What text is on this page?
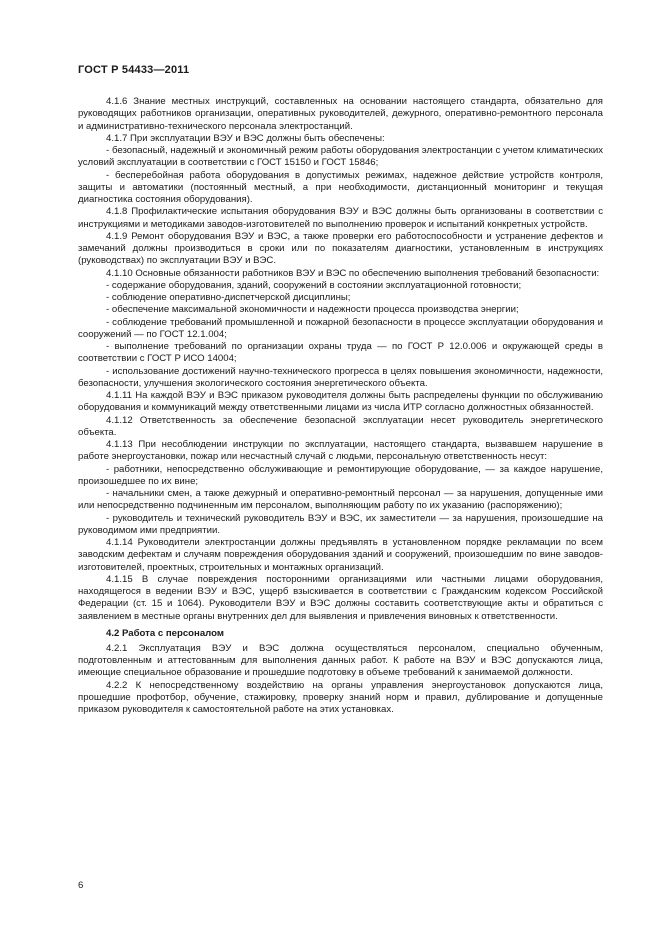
ГОСТ Р 54433—2011

4.1.6 Знание местных инструкций, составленных на основании настоящего стандарта, обязательно для руководящих работников организации, оперативных руководителей, дежурного, оперативно-ремонтного персонала и административно-технического персонала электростанций.

4.1.7 При эксплуатации ВЭУ и ВЭС должны быть обеспечены:

- безопасный, надежный и экономичный режим работы оборудования электростанции с учетом климатических условий эксплуатации в соответствии с ГОСТ 15150 и ГОСТ 15846;

- бесперебойная работа оборудования в допустимых режимах, надежное действие устройств контроля, защиты и автоматики (постоянный местный, а при необходимости, дистанционный мониторинг и текущая диагностика состояния оборудования).

4.1.8 Профилактические испытания оборудования ВЭУ и ВЭС должны быть организованы в соответствии с инструкциями и методиками заводов-изготовителей по выполнению проверок и испытаний конкретных устройств.

4.1.9 Ремонт оборудования ВЭУ и ВЭС, а также проверки его работоспособности и устранение дефектов и замечаний должны производиться в сроки или по показателям диагностики, установленным в инструкциях (руководствах) по эксплуатации ВЭУ и ВЭС.

4.1.10 Основные обязанности работников ВЭУ и ВЭС по обеспечению выполнения требований безопасности:

- содержание оборудования, зданий, сооружений в состоянии эксплуатационной готовности;

- соблюдение оперативно-диспетчерской дисциплины;

- обеспечение максимальной экономичности и надежности процесса производства энергии;

- соблюдение требований промышленной и пожарной безопасности в процессе эксплуатации оборудования и сооружений — по ГОСТ 12.1.004;

- выполнение требований по организации охраны труда — по ГОСТ Р 12.0.006 и окружающей среды в соответствии с ГОСТ Р ИСО 14004;

- использование достижений научно-технического прогресса в целях повышения экономичности, надежности, безопасности, улучшения экологического состояния энергетического объекта.

4.1.11 На каждой ВЭУ и ВЭС приказом руководителя должны быть распределены функции по обслуживанию оборудования и коммуникаций между ответственными лицами из числа ИТР согласно должностных обязанностей.

4.1.12 Ответственность за обеспечение безопасной эксплуатации несет руководитель энергетического объекта.

4.1.13 При несоблюдении инструкции по эксплуатации, настоящего стандарта, вызвавшем нарушение в работе энергоустановки, пожар или несчастный случай с людьми, персональную ответственность несут:

- работники, непосредственно обслуживающие и ремонтирующие оборудование, — за каждое нарушение, произошедшее по их вине;

- начальники смен, а также дежурный и оперативно-ремонтный персонал — за нарушения, допущенные ими или непосредственно подчиненным им персоналом, выполняющим работу по их указанию (распоряжению);

- руководитель и технический руководитель ВЭУ и ВЭС, их заместители — за нарушения, произошедшие на руководимом ими предприятии.

4.1.14 Руководители электростанции должны предъявлять в установленном порядке рекламации по всем заводским дефектам и случаям повреждения оборудования зданий и сооружений, произошедшим по вине заводов-изготовителей, проектных, строительных и монтажных организаций.

4.1.15 В случае повреждения посторонними организациями или частными лицами оборудования, находящегося в ведении ВЭУ и ВЭС, ущерб взыскивается в соответствии с Гражданским кодексом Российской Федерации (ст. 15 и 1064). Руководители ВЭУ и ВЭС должны составить соответствующие акты и обратиться с заявлением в местные органы внутренних дел для выявления и привлечения виновных к ответственности.

4.2 Работа с персоналом

4.2.1 Эксплуатация ВЭУ и ВЭС должна осуществляться персоналом, специально обученным, подготовленным и аттестованным для выполнения данных работ. К работе на ВЭУ и ВЭС допускаются лица, имеющие специальное образование и прошедшие подготовку в объеме требований к занимаемой должности.

4.2.2 К непосредственному воздействию на органы управления энергоустановок допускаются лица, прошедшие профотбор, обучение, стажировку, проверку знаний норм и правил, дублирование и допущенные приказом руководителя к самостоятельной работе на этих установках.

6
